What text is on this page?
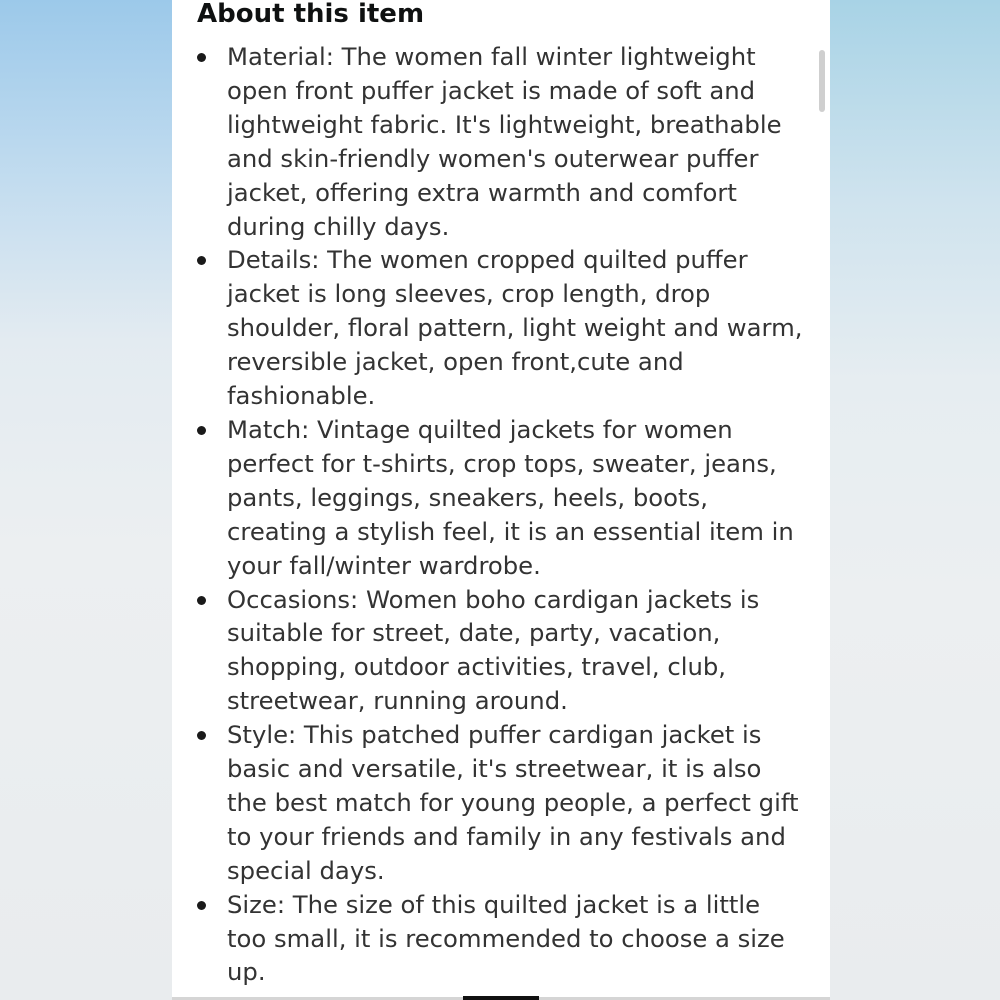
About this item
Material: The women fall winter lightweight open front puffer jacket is made of soft and lightweight fabric. It's lightweight, breathable and skin-friendly women's outerwear puffer jacket, offering extra warmth and comfort during chilly days.
Details: The women cropped quilted puffer jacket is long sleeves, crop length, drop shoulder, floral pattern, light weight and warm, reversible jacket, open front,cute and fashionable.
Match: Vintage quilted jackets for women perfect for t-shirts, crop tops, sweater, jeans, pants, leggings, sneakers, heels, boots, creating a stylish feel, it is an essential item in your fall/winter wardrobe.
Occasions: Women boho cardigan jackets is suitable for street, date, party, vacation, shopping, outdoor activities, travel, club, streetwear, running around.
Style: This patched puffer cardigan jacket is basic and versatile, it's streetwear, it is also the best match for young people, a perfect gift to your friends and family in any festivals and special days.
Size: The size of this quilted jacket is a little too small, it is recommended to choose a size up.
